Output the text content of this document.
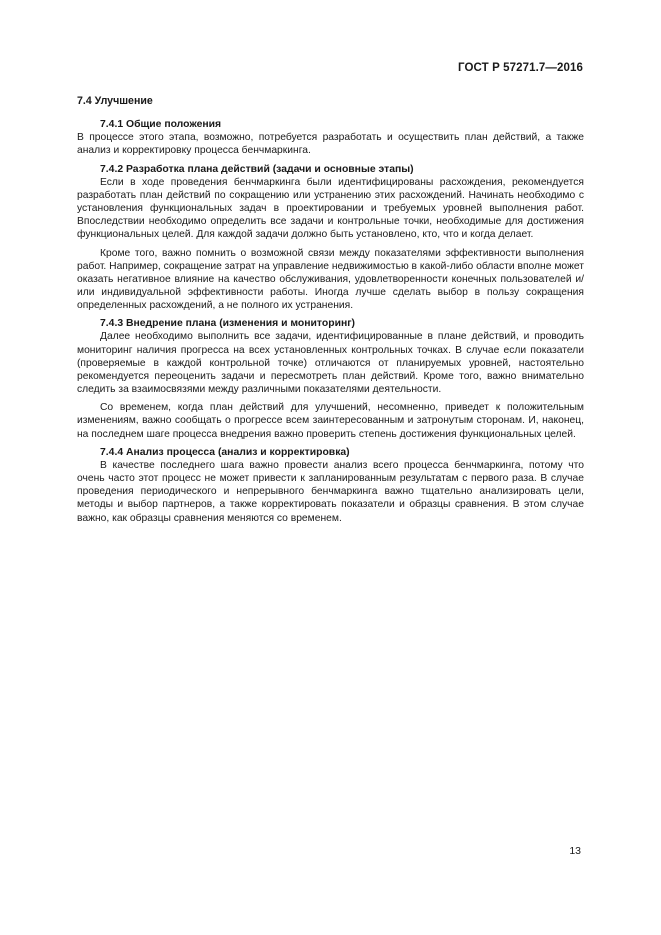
ГОСТ Р 57271.7—2016
7.4 Улучшение
7.4.1 Общие положения

В процессе этого этапа, возможно, потребуется разработать и осуществить план действий, а также анализ и корректировку процесса бенчмаркинга.

7.4.2 Разработка плана действий (задачи и основные этапы)

Если в ходе проведения бенчмаркинга были идентифицированы расхождения, рекомендуется разработать план действий по сокращению или устранению этих расхождений. Начинать необходимо с установления функциональных задач в проектировании и требуемых уровней выполнения работ. Впоследствии необходимо определить все задачи и контрольные точки, необходимые для достижения функциональных целей. Для каждой задачи должно быть установлено, кто, что и когда делает.

Кроме того, важно помнить о возможной связи между показателями эффективности выполнения работ. Например, сокращение затрат на управление недвижимостью в какой-либо области вполне может оказать негативное влияние на качество обслуживания, удовлетворенности конечных пользователей и/или индивидуальной эффективности работы. Иногда лучше сделать выбор в пользу сокращения определенных расхождений, а не полного их устранения.

7.4.3 Внедрение плана (изменения и мониторинг)

Далее необходимо выполнить все задачи, идентифицированные в плане действий, и проводить мониторинг наличия прогресса на всех установленных контрольных точках. В случае если показатели (проверяемые в каждой контрольной точке) отличаются от планируемых уровней, настоятельно рекомендуется переоценить задачи и пересмотреть план действий. Кроме того, важно внимательно следить за взаимосвязями между различными показателями деятельности.

Со временем, когда план действий для улучшений, несомненно, приведет к положительным изменениям, важно сообщать о прогрессе всем заинтересованным и затронутым сторонам. И, наконец, на последнем шаге процесса внедрения важно проверить степень достижения функциональных целей.

7.4.4 Анализ процесса (анализ и корректировка)

В качестве последнего шага важно провести анализ всего процесса бенчмаркинга, потому что очень часто этот процесс не может привести к запланированным результатам с первого раза. В случае проведения периодического и непрерывного бенчмаркинга важно тщательно анализировать цели, методы и выбор партнеров, а также корректировать показатели и образцы сравнения. В этом случае важно, как образцы сравнения меняются со временем.

13
